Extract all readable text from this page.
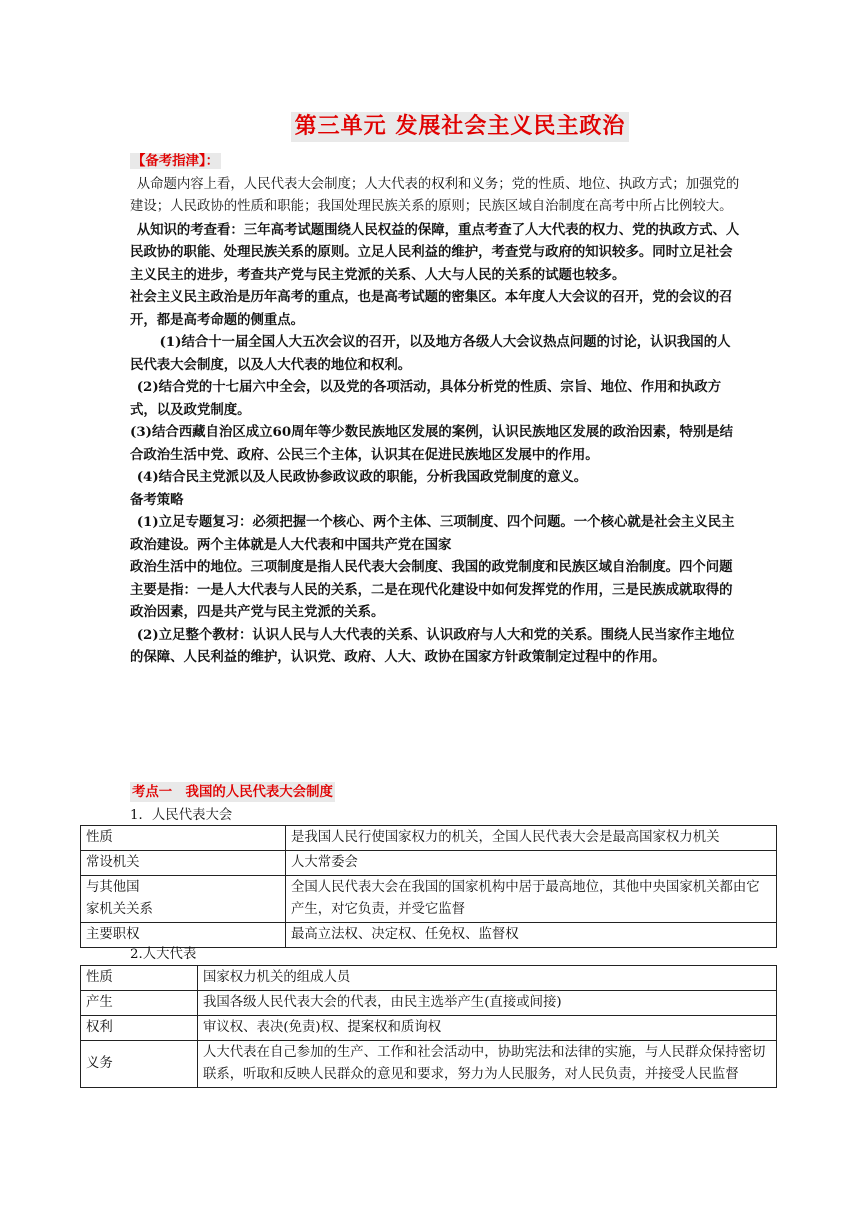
第三单元 发展社会主义民主政治

【备考指津】：

从命题内容上看，人民代表大会制度；人大代表的权利和义务；党的性质、地位、执政方式；加强党的建设；人民政协的性质和职能；我国处理民族关系的原则；民族区域自治制度在高考中所占比例较大。

从知识的考查看：三年高考试题围绕人民权益的保障，重点考查了人大代表的权力、党的执政方式、人民政协的职能、处理民族关系的原则。立足人民利益的维护，考查党与政府的知识较多。同时立足社会主义民主的进步，考查共产党与民主党派的关系、人大与人民的关系的试题也较多。

社会主义民主政治是历年高考的重点，也是高考试题的密集区。本年度人大会议的召开，党的会议的召开，都是高考命题的侧重点。

(1)结合十一届全国人大五次会议的召开，以及地方各级人大会议热点问题的讨论，认识我国的人民代表大会制度，以及人大代表的地位和权利。

(2)结合党的十七届六中全会，以及党的各项活动，具体分析党的性质、宗旨、地位、作用和执政方式，以及政党制度。

(3)结合西藏自治区成立60周年等少数民族地区发展的案例，认识民族地区发展的政治因素，特别是结合政治生活中党、政府、公民三个主体，认识其在促进民族地区发展中的作用。

(4)结合民主党派以及人民政协参政议政的职能，分析我国政党制度的意义。

备考策略

(1)立足专题复习：必须把握一个核心、两个主体、三项制度、四个问题。一个核心就是社会主义民主政治建设。两个主体就是人大代表和中国共产党在国家

政治生活中的地位。三项制度是指人民代表大会制度、我国的政党制度和民族区域自治制度。四个问题主要是指：一是人大代表与人民的关系，二是在现代化建设中如何发挥党的作用，三是民族成就取得的政治因素，四是共产党与民主党派的关系。

(2)立足整个教材：认识人民与人大代表的关系、认识政府与人大和党的关系。围绕人民当家作主地位的保障、人民利益的维护，认识党、政府、人大、政协在国家方针政策制定过程中的作用。

考点一　我国的人民代表大会制度
1．人民代表大会
性质	是我国人民行使国家权力的机关，全国人民代表大会是最高国家权力机关
常设机关	人大常委会
与其他国
家机关关系	全国人民代表大会在我国的国家机构中居于最高地位，其他中央国家机关都由它产生，对它负责，并受它监督
主要职权	最高立法权、决定权、任免权、监督权
2.人大代表
性质	国家权力机关的组成人员
产生	我国各级人民代表大会的代表，由民主选举产生(直接或间接)
权利	审议权、表决(免责)权、提案权和质询权
义务	人大代表在自己参加的生产、工作和社会活动中，协助宪法和法律的实施，与人民群众保持密切联系，听取和反映人民群众的意见和要求，努力为人民服务，对人民负责，并接受人民监督
